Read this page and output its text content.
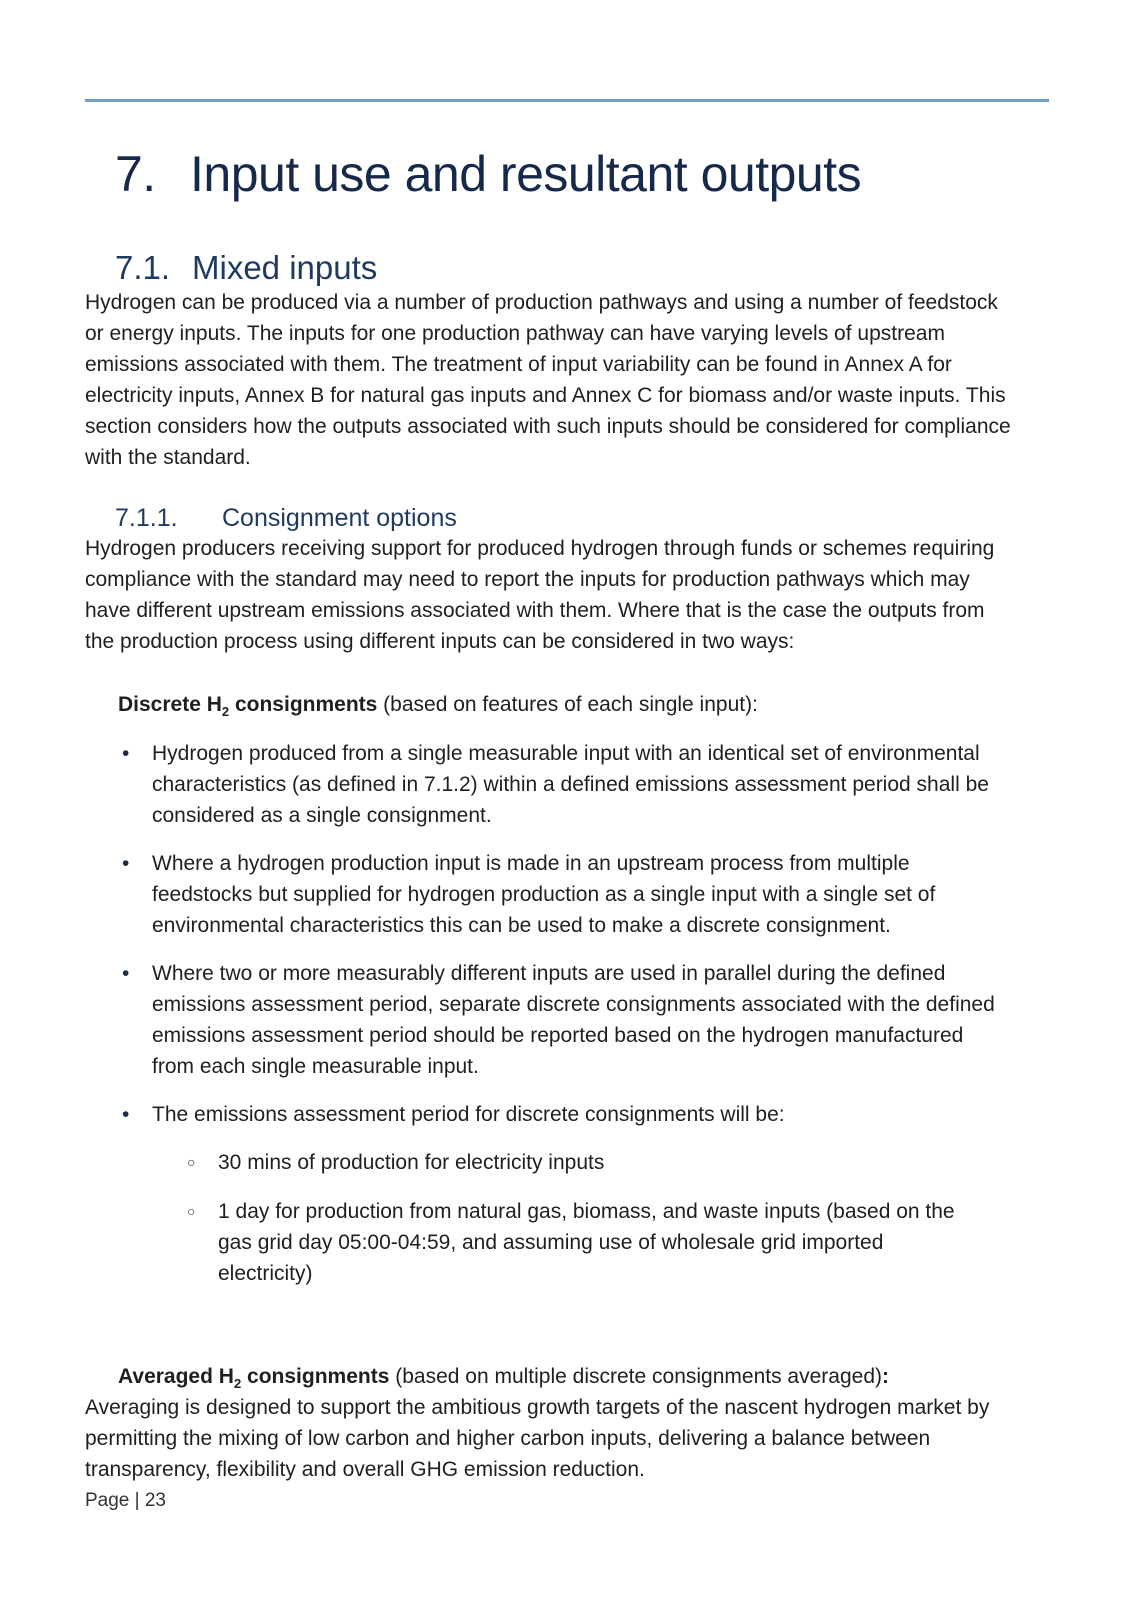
7. Input use and resultant outputs
7.1. Mixed inputs

Hydrogen can be produced via a number of production pathways and using a number of feedstock or energy inputs. The inputs for one production pathway can have varying levels of upstream emissions associated with them. The treatment of input variability can be found in Annex A for electricity inputs, Annex B for natural gas inputs and Annex C for biomass and/or waste inputs. This section considers how the outputs associated with such inputs should be considered for compliance with the standard.

7.1.1.	Consignment options

Hydrogen producers receiving support for produced hydrogen through funds or schemes requiring compliance with the standard may need to report the inputs for production pathways which may have different upstream emissions associated with them. Where that is the case the outputs from the production process using different inputs can be considered in two ways:

Discrete $H_2$ consignments (based on features of each single input):
•	Hydrogen produced from a single measurable input with an identical set of environmental characteristics (as defined in 7.1.2) within a defined emissions assessment period shall be considered as a single consignment.
•	Where a hydrogen production input is made in an upstream process from multiple feedstocks but supplied for hydrogen production as a single input with a single set of environmental characteristics this can be used to make a discrete consignment.
•	Where two or more measurably different inputs are used in parallel during the defined emissions assessment period, separate discrete consignments associated with the defined emissions assessment period should be reported based on the hydrogen manufactured from each single measurable input.
•	The emissions assessment period for discrete consignments will be:
○	30 mins of production for electricity inputs
○	1 day for production from natural gas, biomass, and waste inputs (based on the gas grid day 05:00-04:59, and assuming use of wholesale grid imported electricity)
Averaged $H_2$ consignments (based on multiple discrete consignments averaged):

Averaging is designed to support the ambitious growth targets of the nascent hydrogen market by permitting the mixing of low carbon and higher carbon inputs, delivering a balance between transparency, flexibility and overall GHG emission reduction.

Page | 23
